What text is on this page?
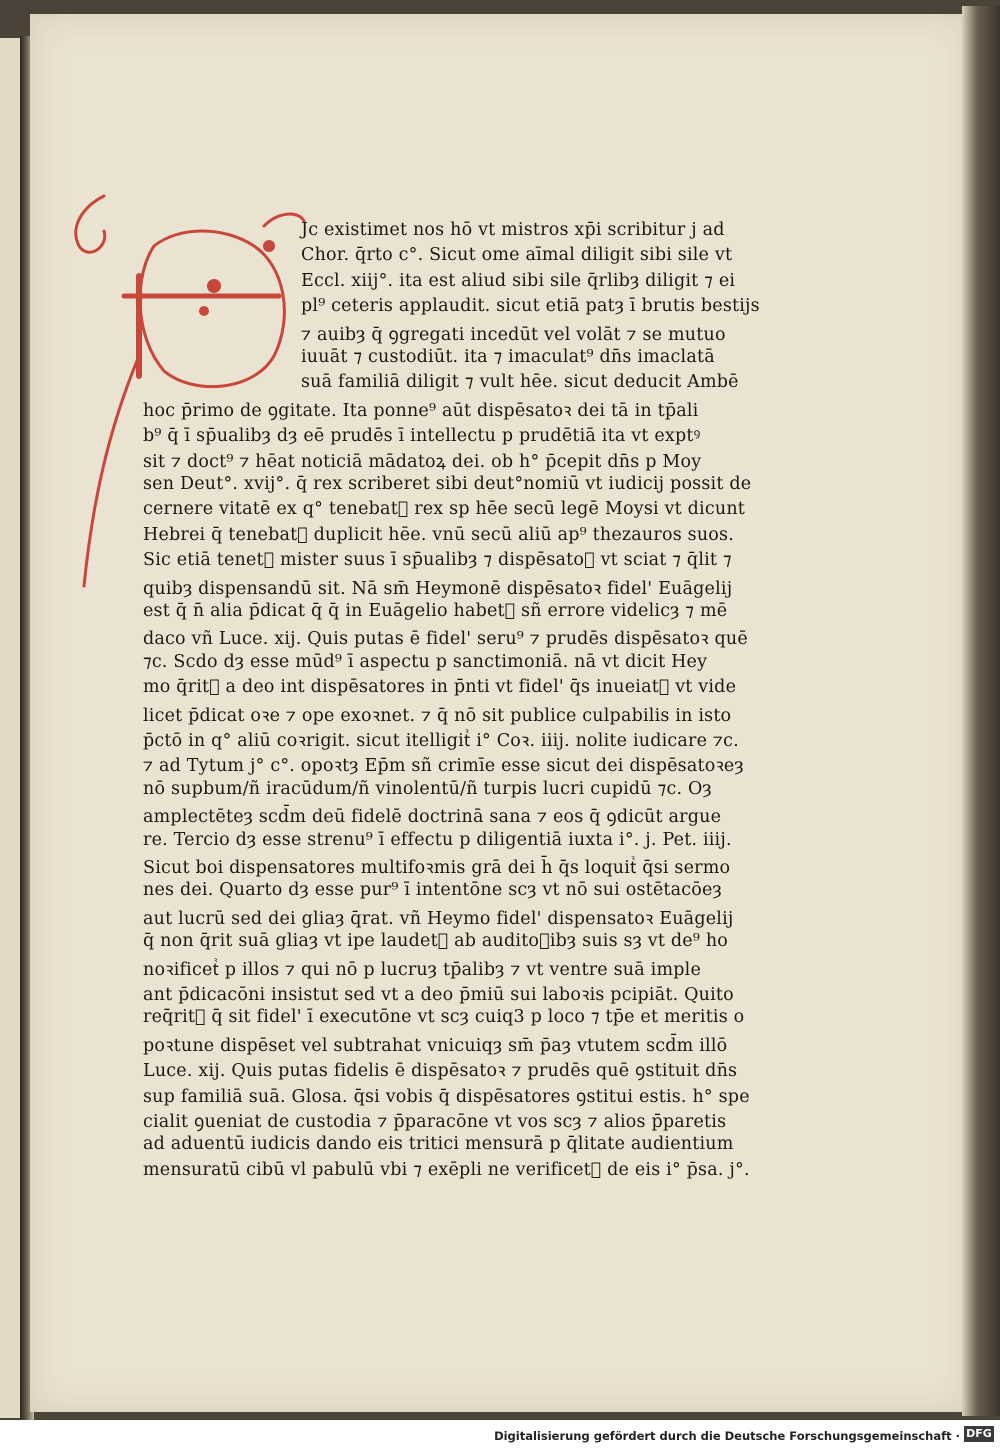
Jc existimet nos hō vt mistros xp̄i scribitur j ad
Chor. q̄rto c°. Sicut ome aīmal diligit sibi sile vt
Eccl. xiij°. ita est aliud sibi sile q̄rlibȝ diligit ⁊ ei
pl⁹ ceteris applaudit. sicut etiā patȝ ī brutis bestijs
⁊ auibȝ q̄ ꝯgregati incedūt vel volāt ⁊ se mutuo
iuuāt ⁊ custodiūt. ita ⁊ imaculat⁹ dn̄s imaclatā
suā familiā diligit ⁊ vult hēe. sicut deducit Ambē
hoc p̄rimo de ꝯgitate. Ita ponne⁹ aūt dispēsatoꝛ dei tā in tp̄ali
b⁹ q̄ ī sp̄ualibȝ dȝ eē prudēs ī intellectu p prudētiā ita vt exptꝰ
sit ⁊ doct⁹ ⁊ hēat noticiā mādatoꝝ dei. ob h° p̄cepit dn̄s p Moy
sen Deut°. xvij°. q̄ rex scriberet sibi deut°nomiū vt iudicij possit de
cernere vitatē ex q° tenebatᷣ rex sp hēe secū legē Moysi vt dicunt
Hebrei q̄ tenebatᷣ duplicit hēe. vnū secū aliū ap⁹ thezauros suos.
Sic etiā tenetᷣ mister suus ī sp̄ualibȝ ⁊ dispēsatoꝛ vt sciat ⁊ q̄lit ⁊
quibȝ dispensandū sit. Nā sm̄ Heymonē dispēsatoꝛ fidel' Euāgelij
est q̄ n̄ alia p̄dicat q̄ q̄ in Euāgelio habetᷣ sñ errore videlicȝ ⁊ mē
daco vñ Luce. xij. Quis putas ē fidel' seru⁹ ⁊ prudēs dispēsatoꝛ quē
⁊c. Scdo dȝ esse mūd⁹ ī aspectu p sanctimoniā. nā vt dicit Hey
mo q̄ritᷣ a deo int dispēsatores in p̄nti vt fidel' q̄s inueiatᷣ vt vide
licet p̄dicat oꝛe ⁊ ope exoꝛnet. ⁊ q̄ nō sit publice culpabilis in isto
p̄ctō in q° aliū coꝛrigit. sicut itelligitᷣ i° Coꝛ. iiij. nolite iudicare ⁊c.
⁊ ad Tytum j° c°. opoꝛtȝ Ep̄m sñ crimīe esse sicut dei dispēsatoꝛeȝ
nō supbum/ñ iracūdum/ñ vinolentū/ñ turpis lucri cupidū ⁊c. Oȝ
amplectēteȝ scd̄m deū fidelē doctrinā sana ⁊ eos q̄ ꝯdicūt argue
re. Tercio dȝ esse strenu⁹ ī effectu p diligentiā iuxta i°. j. Pet. iiij.
Sicut boi dispensatores multifoꝛmis grā dei h̄ q̄s loquitᷣ q̄si sermo
nes dei. Quarto dȝ esse pur⁹ ī intentōne scȝ vt nō sui ostētacōeȝ
aut lucrū sed dei gliaȝ q̄rat. vñ Heymo fidel' dispensatoꝛ Euāgelij
q̄ non q̄rit suā gliaȝ vt ipe laudetᷣ ab auditoꝛibȝ suis sȝ vt de⁹ ho
noꝛificetᷣ p illos ⁊ qui nō p lucruȝ tp̄alibȝ ⁊ vt ventre suā imple
ant p̄dicacōni insistut sed vt a deo p̄miū sui laboꝛis pcipiāt. Quito
req̄ritᷣ q̄ sit fidel' ī executōne vt scȝ cuiq3 p loco ⁊ tp̄e et meritis o
poꝛtune dispēset vel subtrahat vnicuiqȝ sm̄ p̄aȝ vtutem scd̄m illō
Luce. xij. Quis putas fidelis ē dispēsatoꝛ ⁊ prudēs quē ꝯstituit dn̄s
sup familiā suā. Glosa. q̄si vobis q̄ dispēsatores ꝯstitui estis. h° spe
cialit ꝯueniat de custodia ⁊ p̄paracōne vt vos scȝ ⁊ alios p̄paretis
ad aduentū iudicis dando eis tritici mensurā p q̄litate audientium
mensuratū cibū vl pabulū vbi ⁊ exēpli ne verificetᷣ de eis i° p̄sa. j°.
Digitalisierung gefördert durch die Deutsche Forschungsgemeinschaft · DFG
